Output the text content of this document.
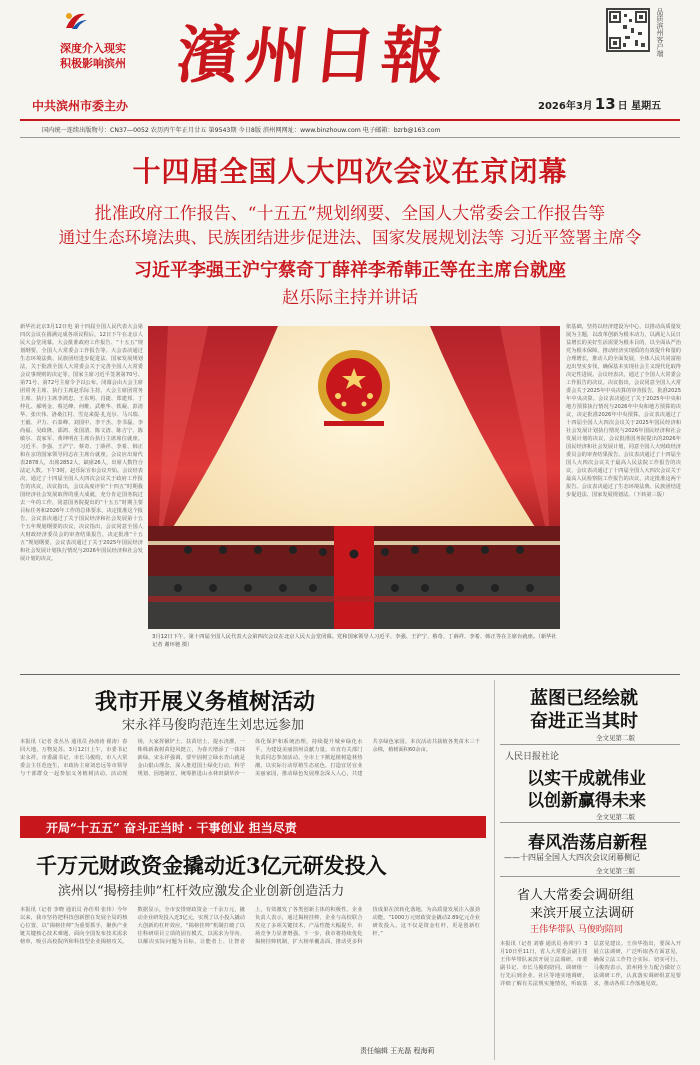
深度介入现实
积极影响滨州 濱州日報	品质滨州客户端
中共滨州市委主办	2026年3月 13 日 星期五
国内统一连续出版物号：CN37—0052 农历丙午年正月廿五 第9543期 今日8版 滨州网网址：www.binzhouw.com 电子邮箱：bzrb@163.com
十四届全国人大四次会议在京闭幕
批准政府工作报告、“十五五”规划纲要、全国人大常委会工作报告等
通过生态环境法典、民族团结进步促进法、国家发展规划法等 习近平签署主席令
习近平李强王沪宁蔡奇丁薛祥李希韩正等在主席台就座
赵乐际主持并讲话
新华社北京3月12日电 第十四届全国人民代表大会第四次会议在圆满完成各项议程后，12日下午在北京人民大会堂闭幕。大会批准政府工作报告、“十五五”规划纲要，全国人大常委会工作报告等。大会表决通过生态环境法典、民族团结进步促进法、国家发展规划法，关于批准全国人大常委会关于完善全国人大常委会议事规则的决定等。国家主席习近平签署第70号、第71号、第72号主席令予以公布。闭幕会由大会主席团常务主席、执行主席赵乐际主持。大会主席团常务主席、执行主席李鸿忠、王东明、肖捷、郑建邦、丁仲礼、郝明金、蔡达峰、何维、武维华、铁凝、彭清华、张庆伟、洛桑江村、雪克来提·扎克尔、马兴瑞、王毅、尹力、石泰峰、刘国中、李干杰、李书磊、李尚福、吴政隆、邵鸿、张国清、陈文清、陈吉宁、陈敏尔、袁家军、黄坤明在主席台执行主席席位就座。习近平、李强、王沪宁、蔡奇、丁薛祥、李希、韩正和在京的国家领导同志在主席台就座。会议应出席代表2878人，出席2852人，缺席26人，出席人数符合法定人数。下午3时，赵乐际宣布会议开始。会议经表决，通过了十四届全国人大四次会议关于政府工作报告的决议，决议指出，会议高度评价“十四五”时期我国经济社会发展取得的重大成就，充分肯定国务院过去一年的工作，同意国务院提出的“十五五”时期主要目标任务和2026年工作的总体要求，决定批准这个报告。会议表决通过了关于国民经济和社会发展第十五个五年规划纲要的决议，决议指出，会议同意全国人大财政经济委员会的审查结果报告，决定批准“十五五”规划纲要。会议表决通过了关于2025年国民经济和社会发展计划执行情况与2026年国民经济和社会发展计划的决议。
3月12日下午，第十四届全国人民代表大会第四次会议在北京人民大会堂闭幕。党和国家领导人习近平、李强、王沪宁、蔡奇、丁薛祥、李希、韩正等在主席台就座。（新华社记者 谢环驰 摄）
依基础，坚持以经济建设为中心，以推动高质量发展为主题，以改革创新为根本动力，以满足人民日益增长的美好生活需要为根本目的，以全面从严治党为根本保障，推动经济实现质的有效提升和量的合理增长，推动人的全面发展，全体人民共同富裕迈出坚实步伐，确保基本实现社会主义现代化取得决定性进展。会议经表决，通过了全国人大常委会工作报告的决议。决议指出，会议同意全国人大常委会关于2025年中央决算的审查报告，批准2025年中央决算。会议表决通过了关于2025年中央和地方预算执行情况与2026年中央和地方预算的决议，决定批准2026年中央预算。会议表决通过了十四届全国人大四次会议关于2025年国民经济和社会发展计划执行情况与2026年国民经济和社会发展计划的决议，会议批准国务院提出的2026年国民经济和社会发展计划，同意全国人大财政经济委员会的审查结果报告。会议表决通过了十四届全国人大四次会议关于最高人民法院工作报告的决议，会议表决通过了十四届全国人大四次会议关于最高人民检察院工作报告的决议，决定批准这两个报告。会议表决通过了生态环境法典、民族团结进步促进法、国家发展规划法。（下转第三版）
我市开展义务植树活动
宋永祥马俊昀范连生刘忠远参加
本报讯（记者 张丛丛 通讯员 孙涛涛 翟涛）春回大地，万物复苏。3月12日上午，市委书记宋永祥，市委副书记、市长马俊昀，市人大常委会主任范连生，市政协主席刘忠远等市领导与干部群众一起参加义务植树活动。活动现场，大家挥锹铲土、扶苗培土、提水浇灌，一株株新栽树苗迎风挺立，为春天增添了一抹抹新绿。宋永祥强调，要牢固树立绿水青山就是金山银山理念，深入推进国土绿化行动，科学规划、因地制宜，统筹推进山水林田湖草沙一体化保护和系统治理，持续提升城乡绿化水平，为建设美丽滨州贡献力量。市直有关部门负责同志参加活动。全市上下掀起植树造林热潮，以实际行动厚植生态底色，打造宜居宜业美丽家园，推动绿色发展理念深入人心，共建共享绿色家园。本次活动共栽植各类苗木三千余株，植树面积60余亩。
开局“十五五” 奋斗正当时 · 干事创业 担当尽责
千万元财政资金撬动近3亿元研发投入
滨州以“揭榜挂帅”杠杆效应激发企业创新创造活力
本报讯（记者 李晓 通讯员 孙佳琪 张伟）今年以来，我市坚持把科技创新摆在发展全局的核心位置，以“揭榜挂帅”为重要抓手，聚焦产业链关键核心技术难题，面向全国发布技术需求榜单，吸引高校院所和科技型企业揭榜攻关。数据显示，全市安排财政资金一千余万元，撬动企业研发投入近3亿元，实现了以小投入撬动大创新的杠杆效应。“揭榜挂帅”机制打破了以往科研项目立项的固有模式，以需求为导向、以解决实际问题为目标，让能者上、让智者上，有效激发了各类创新主体的积极性。企业负责人表示，通过揭榜挂帅，企业与高校联合攻克了多项关键技术，产品性能大幅提升，市场竞争力显著增强。下一步，我市将持续优化揭榜挂帅机制，扩大榜单覆盖面，推动更多科技成果在滨转化落地，为高质量发展注入强劲动能。“1000万元财政资金撬动2.89亿元企业研发投入，这不仅是资金杠杆，更是创新杠杆。”
责任编辑 王光磊 程海莉
蓝图已经绘就
奋进正当其时
全文见第二版
人民日报社论
以实干成就伟业
以创新赢得未来
全文见第二版
春风浩荡启新程
——十四届全国人大四次会议闭幕侧记
全文见第三版
省人大常委会调研组
来滨开展立法调研
王伟华带队 马俊昀陪同
本报讯（记者 刘睿 通讯员 孙邦宇）3月10日至11日，省人大常委会副主任王伟华带队来滨开展立法调研。市委副书记、市长马俊昀陪同。调研组一行先后到企业、社区等地实地调研，详细了解有关法规实施情况，听取基层意见建议。王伟华指出，要深入开展立法调研，广泛听取各方面意见，确保立法工作符合实际、切实可行。马俊昀表示，滨州将全力配合做好立法调研工作，认真落实调研组意见要求，推动各项工作落地见效。
